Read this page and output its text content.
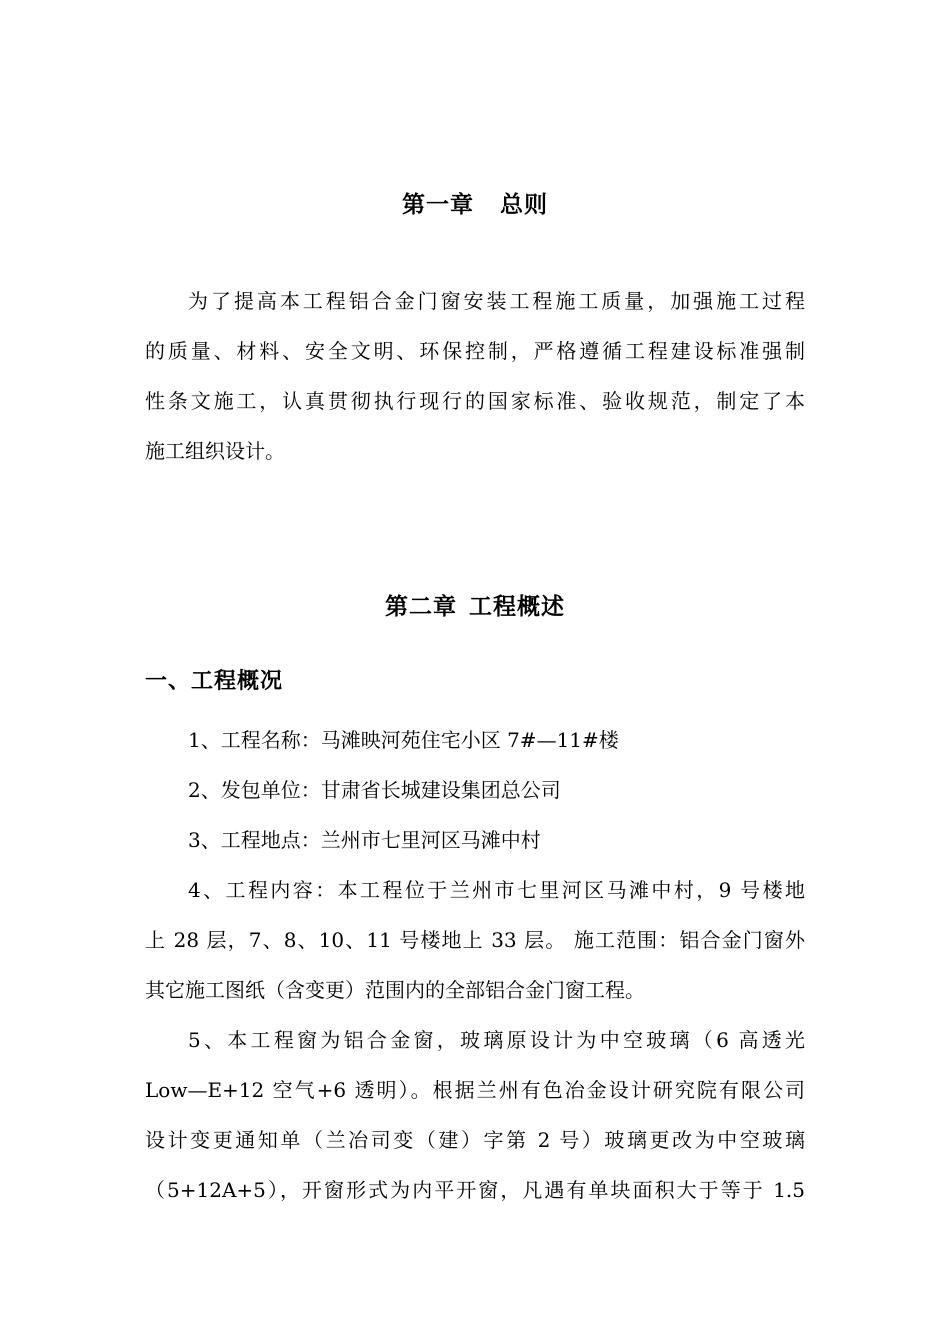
第一章 总则
为了提高本工程铝合金门窗安装工程施工质量，加强施工过程
的质量、材料、安全文明、环保控制，严格遵循工程建设标准强制
性条文施工，认真贯彻执行现行的国家标准、验收规范，制定了本
施工组织设计。
第二章 工程概述
一、工程概况
1、工程名称：马滩映河苑住宅小区 7#—11#楼
2、发包单位：甘肃省长城建设集团总公司
3、工程地点：兰州市七里河区马滩中村
4、工程内容：本工程位于兰州市七里河区马滩中村，9 号楼地
上 28 层，7、8、10、11 号楼地上 33 层。 施工范围：铝合金门窗外
其它施工图纸（含变更）范围内的全部铝合金门窗工程。
5、本工程窗为铝合金窗，玻璃原设计为中空玻璃（6 高透光
Low—E+12 空气+6 透明）。根据兰州有色冶金设计研究院有限公司
设计变更通知单（兰冶司变（建）字第 2 号）玻璃更改为中空玻璃
（5+12A+5），开窗形式为内平开窗，凡遇有单块面积大于等于 1.5
